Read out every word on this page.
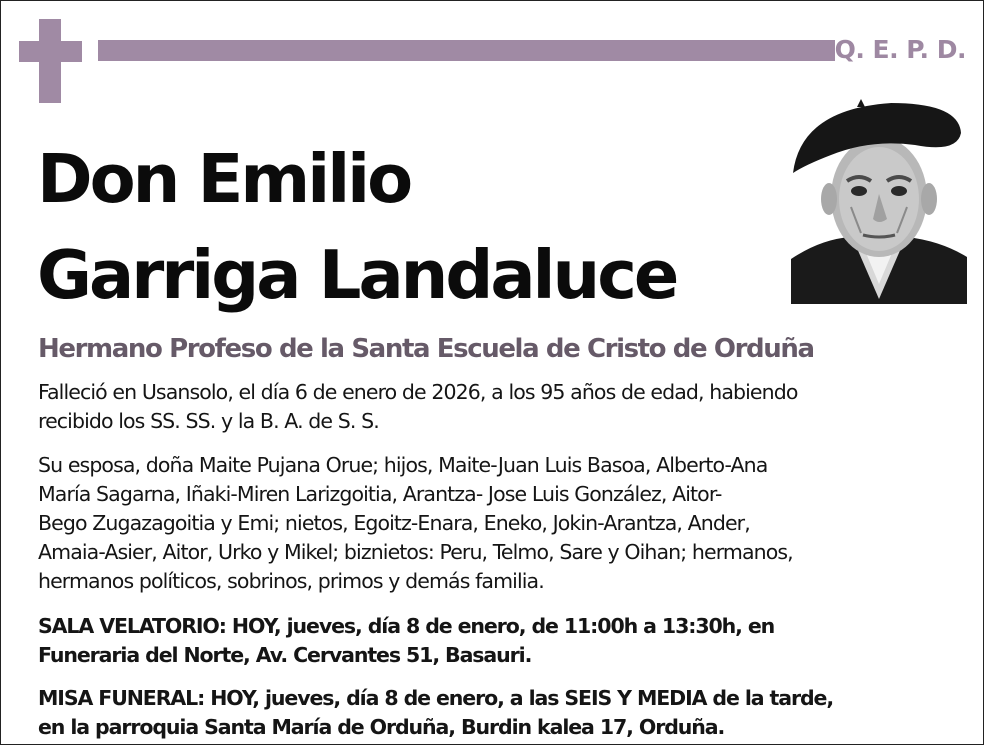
Q. E. P. D.
Don Emilio
Garriga Landaluce
Hermano Profeso de la Santa Escuela de Cristo de Orduña
Falleció en Usansolo, el día 6 de enero de 2026, a los 95 años de edad, habiendo
recibido los SS. SS. y la B. A. de S. S.
Su esposa, doña Maite Pujana Orue; hijos, Maite-Juan Luis Basoa, Alberto-Ana
María Sagarna, Iñaki-Miren Larizgoitia, Arantza- Jose Luis González, Aitor-
Bego Zugazagoitia y Emi; nietos, Egoitz-Enara, Eneko, Jokin-Arantza, Ander,
Amaia-Asier, Aitor, Urko y Mikel; biznietos: Peru, Telmo, Sare y Oihan; hermanos,
hermanos políticos, sobrinos, primos y demás familia.
SALA VELATORIO: HOY, jueves, día 8 de enero, de 11:00h a 13:30h, en
Funeraria del Norte, Av. Cervantes 51, Basauri.
MISA FUNERAL: HOY, jueves, día 8 de enero, a las SEIS Y MEDIA de la tarde,
en la parroquia Santa María de Orduña, Burdin kalea 17, Orduña.
